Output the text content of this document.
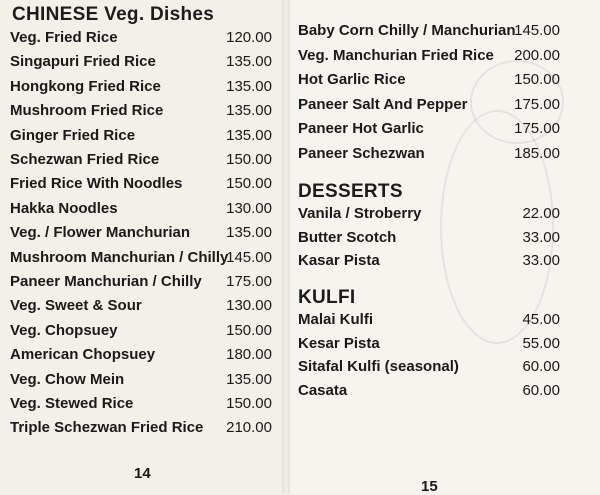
CHINESE Veg. Dishes
Veg. Fried Rice	120.00
Singapuri Fried Rice	135.00
Hongkong Fried Rice	135.00
Mushroom Fried Rice	135.00
Ginger Fried Rice	135.00
Schezwan Fried Rice	150.00
Fried Rice With Noodles	150.00
Hakka Noodles	130.00
Veg. / Flower Manchurian 135.00
Mushroom Manchurian / Chilly
145.00
Paneer Manchurian / Chilly 175.00
Veg. Sweet & Sour	130.00
Veg. Chopsuey	150.00
American Chopsuey	180.00
Veg. Chow Mein	135.00
Veg. Stewed Rice	150.00
Triple Schezwan Fried Rice 210.00
14
Baby Corn Chilly / Manchurian
145.00
Veg. Manchurian Fried Rice 200.00
Hot Garlic Rice	150.00
Paneer Salt And Pepper	175.00
Paneer Hot Garlic	175.00
Paneer Schezwan	185.00
DESSERTS
Vanila / Stroberry	22.00
Butter Scotch	33.00
Kasar Pista	33.00
KULFI
Malai Kulfi	45.00
Kesar Pista	55.00
Sitafal Kulfi (seasonal)	60.00
Casata	60.00
15
